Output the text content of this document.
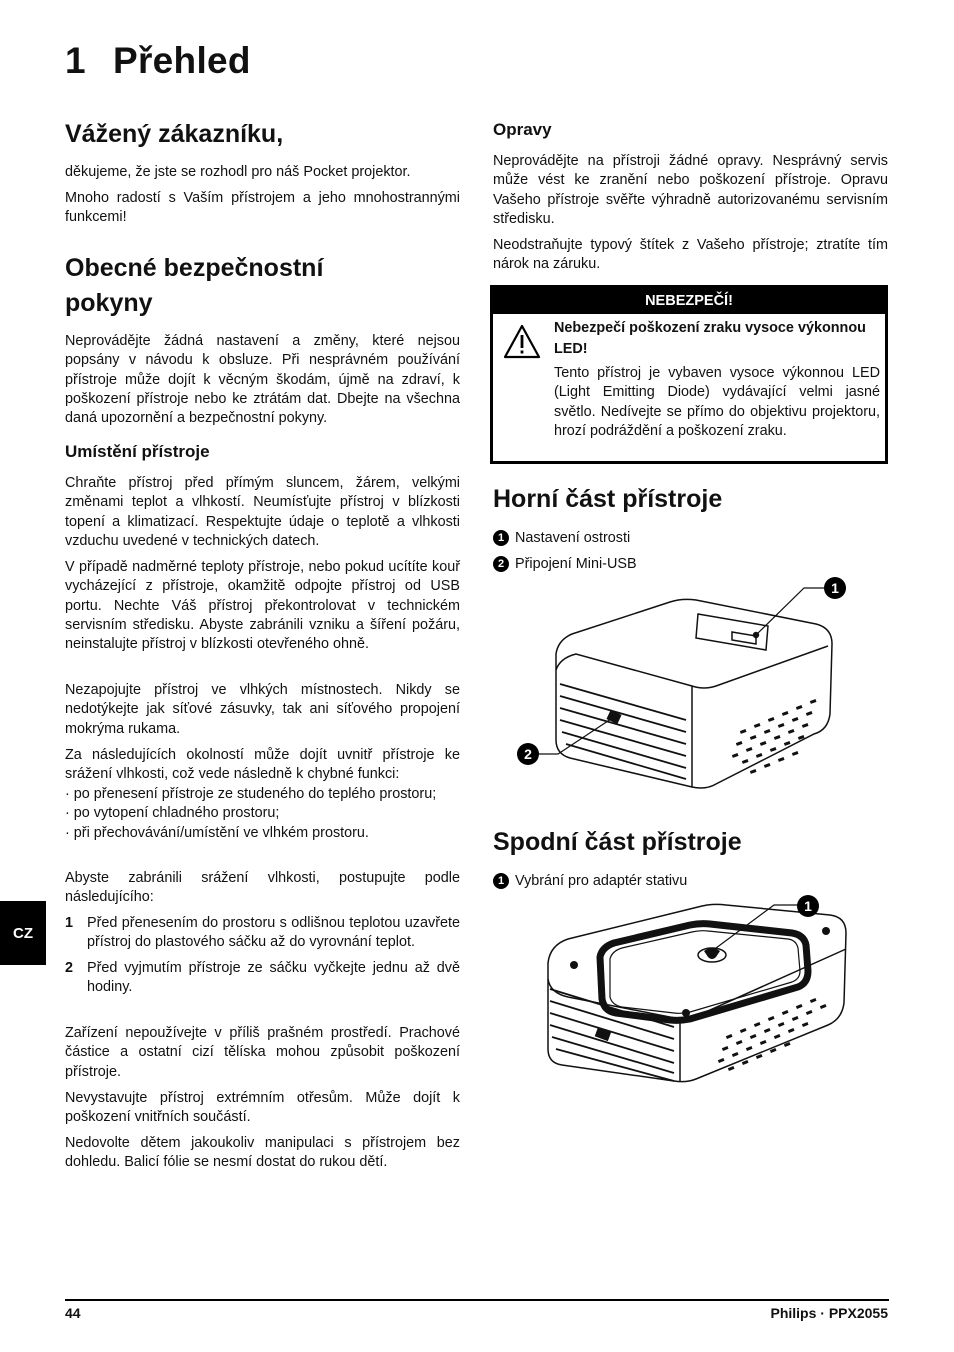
1 Přehled
Vážený zákazníku,
děkujeme, že jste se rozhodl pro náš Pocket projektor.
Mnoho radostí s Vaším přístrojem a jeho mnohostrannými funkcemi!
Obecné bezpečnostní
pokyny
Neprovádějte žádná nastavení a změny, které nejsou popsány v návodu k obsluze. Při nesprávném používání přístroje může dojít k věcným škodám, újmě na zdraví, k poškození přístroje nebo ke ztrátám dat. Dbejte na všechna daná upozornění a bezpečnostní pokyny.
Umístění přístroje
Chraňte přístroj před přímým sluncem, žárem, velkými změnami teplot a vlhkostí. Neumísťujte přístroj v blízkosti topení a klimatizací. Respektujte údaje o teplotě a vlhkosti vzduchu uvedené v technických datech.
V případě nadměrné teploty přístroje, nebo pokud ucítíte kouř vycházející z přístroje, okamžitě odpojte přístroj od USB portu. Nechte Váš přístroj překontrolovat v technickém servisním středisku. Abyste zabránili vzniku a šíření požáru, neinstalujte přístroj v blízkosti otevřeného ohně.
Nezapojujte přístroj ve vlhkých místnostech. Nikdy se nedotýkejte jak síťové zásuvky, tak ani síťového propojení mokrýma rukama.
Za následujících okolností může dojít uvnitř přístroje ke srážení vlhkosti, což vede následně k chybné funkci:
· po přenesení přístroje ze studeného do teplého prostoru;
· po vytopení chladného prostoru;
· při přechovávání/umístění ve vlhkém prostoru.
Abyste zabránili srážení vlhkosti, postupujte podle následujícího:
1 Před přenesením do prostoru s odlišnou teplotou uzavřete přístroj do plastového sáčku až do vyrovnání teplot.
2 Před vyjmutím přístroje ze sáčku vyčkejte jednu až dvě hodiny.
Zařízení nepoužívejte v příliš prašném prostředí. Prachové částice a ostatní cizí tělíska mohou způsobit poškození přístroje.
Nevystavujte přístroj extrémním otřesům. Může dojít k poškození vnitřních součástí.
Nedovolte dětem jakoukoliv manipulaci s přístrojem bez dohledu. Balicí fólie se nesmí dostat do rukou dětí.
CZ
Opravy
Neprovádějte na přístroji žádné opravy. Nesprávný servis může vést ke zranění nebo poškození přístroje. Opravu Vašeho přístroje svěřte výhradně autorizovanému servisním středisku.
Neodstraňujte typový štítek z Vašeho přístroje; ztratíte tím nárok na záruku.
NEBEZPEČÍ!
Nebezpečí poškození zraku vysoce výkonnou LED!
Tento přístroj je vybaven vysoce výkonnou LED (Light Emitting Diode) vydávající velmi jasné světlo. Nedívejte se přímo do objektivu projektoru, hrozí podráždění a poškození zraku.
Horní část přístroje
1 Nastavení ostrosti
2 Připojení Mini-USB
1
2
Spodní část přístroje
1 Vybrání pro adaptér stativu
1
44	Philips · PPX2055
